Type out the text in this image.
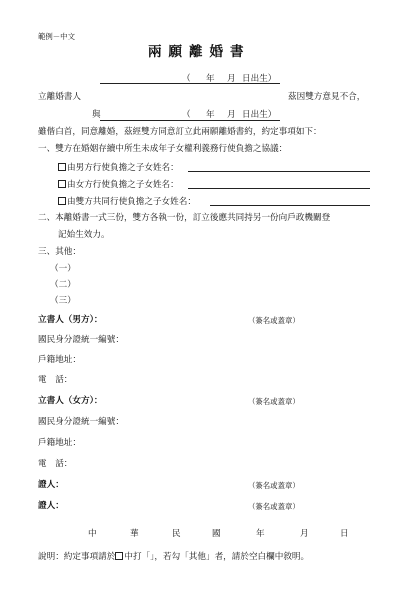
範例－中文
兩願離婚書
（ 年 月 日出生）
立離婚書人	茲因雙方意見不合，
與	（ 年 月 日出生）
雖偕白首，同意離婚，茲經雙方同意訂立此兩願離婚書約，約定事項如下：
一、雙方在婚姻存續中所生未成年子女權利義務行使負擔之協議：
由男方行使負擔之子女姓名：
由女方行使負擔之子女姓名：
由雙方共同行使負擔之子女姓名：
二、本離婚書一式三份，雙方各執一份，訂立後應共同持另一份向戶政機關登
記始生效力。
三、其他：
（一）
（二）
（三）
立書人（男方）：	（簽名或蓋章）
國民身分證統一編號：
戶籍地址：
電　話：
立書人（女方）：	（簽名或蓋章）
國民身分證統一編號：
戶籍地址：
電　話：
證人：	（簽名或蓋章）
證人：	（簽名或蓋章）
中	華	民	國	年	月	日
說明：約定事項請於 中打「」，若勾「其他」者，請於空白欄中敘明。
